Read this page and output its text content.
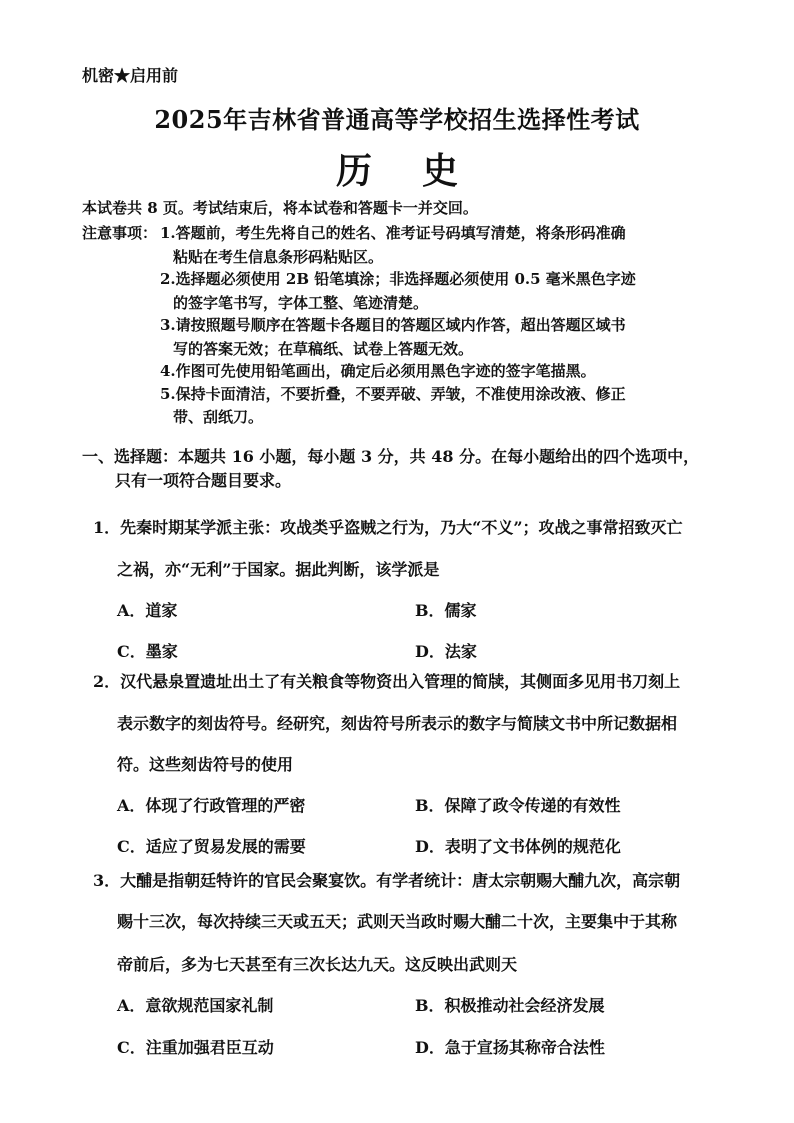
机密★启用前
2025年吉林省普通高等学校招生选择性考试
历史
本试卷共 8 页。考试结束后，将本试卷和答题卡一并交回。
注意事项： 1.答题前，考生先将自己的姓名、准考证号码填写清楚，将条形码准确
粘贴在考生信息条形码粘贴区。
2.选择题必须使用 2B 铅笔填涂；非选择题必须使用 0.5 毫米黑色字迹
的签字笔书写，字体工整、笔迹清楚。
3.请按照题号顺序在答题卡各题目的答题区域内作答，超出答题区域书
写的答案无效；在草稿纸、试卷上答题无效。
4.作图可先使用铅笔画出，确定后必须用黑色字迹的签字笔描黑。
5.保持卡面清洁，不要折叠，不要弄破、弄皱，不准使用涂改液、修正
带、刮纸刀。
一、选择题：本题共 16 小题，每小题 3 分，共 48 分。在每小题给出的四个选项中，
只有一项符合题目要求。
1．先秦时期某学派主张：攻战类乎盗贼之行为，乃大“不义”；攻战之事常招致灭亡
之祸，亦“无利”于国家。据此判断，该学派是
A．道家	B．儒家
C．墨家	D．法家
2．汉代悬泉置遗址出土了有关粮食等物资出入管理的简牍，其侧面多见用书刀刻上
表示数字的刻齿符号。经研究，刻齿符号所表示的数字与简牍文书中所记数据相
符。这些刻齿符号的使用
A．体现了行政管理的严密	B．保障了政令传递的有效性
C．适应了贸易发展的需要	D．表明了文书体例的规范化
3．大酺是指朝廷特许的官民会聚宴饮。有学者统计：唐太宗朝赐大酺九次，高宗朝
赐十三次，每次持续三天或五天；武则天当政时赐大酺二十次，主要集中于其称
帝前后，多为七天甚至有三次长达九天。这反映出武则天
A．意欲规范国家礼制	B．积极推动社会经济发展
C．注重加强君臣互动	D．急于宣扬其称帝合法性
